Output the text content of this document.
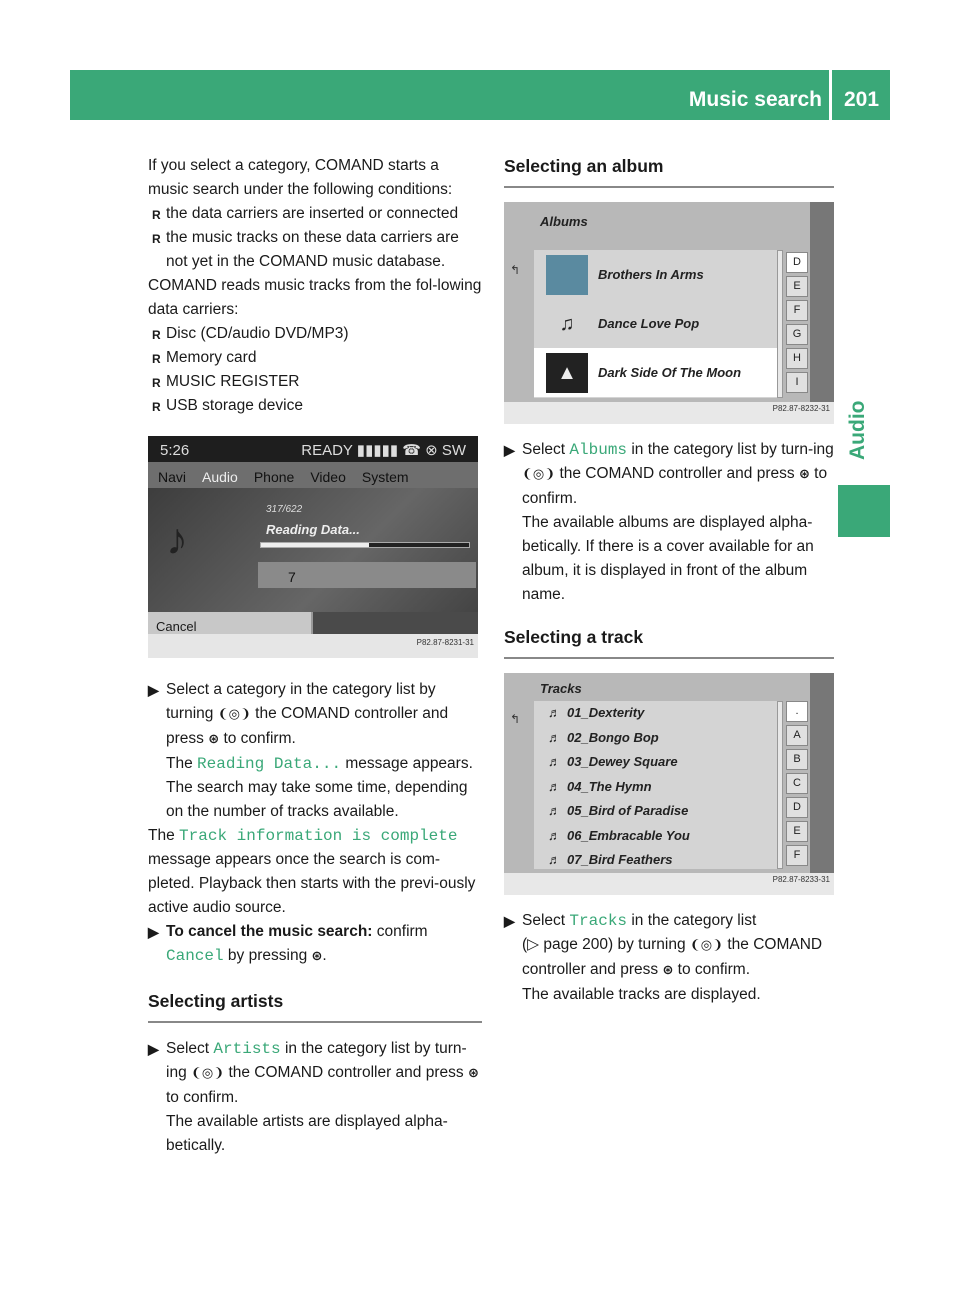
Music search 201
Audio

If you select a category, COMAND starts a music search under the following conditions:

R the data carriers are inserted or connected

R the music tracks on these data carriers are not yet in the COMAND music database.

COMAND reads music tracks from the fol-lowing data carriers:

R Disc (CD/audio DVD/MP3)

R Memory card

R MUSIC REGISTER

R USB storage device

5:26	READY ▮▮▮▮▮ ☎ ⊗ SW
Navi Audio Phone Video System
♪
317/622
Reading Data...
7
Cancel
P82.87-8231-31

▶ Select a category in the category list by turning ❨◎❩ the COMAND controller and press ⊛ to confirm.
The Reading Data... message appears. The search may take some time, depending on the number of tracks available.

The Track information is complete message appears once the search is com-pleted. Playback then starts with the previ-ously active audio source.

▶ To cancel the music search: confirm Cancel by pressing ⊛.

Selecting artists

▶ Select Artists in the category list by turn-ing ❨◎❩ the COMAND controller and press ⊛ to confirm.
The available artists are displayed alpha-betically.

Selecting an album
Albums
↰	Brothers In Arms
♫	Dance Love Pop
▲	Dark Side Of The Moon
D
E
F
G
H
I
P82.87-8232-31

▶ Select Albums in the category list by turn-ing ❨◎❩ the COMAND controller and press ⊛ to confirm.
The available albums are displayed alpha-betically. If there is a cover available for an album, it is displayed in front of the album name.

Selecting a track
Tracks
↰ ♬ 01_Dexterity
♬ 02_Bongo Bop
♬ 03_Dewey Square
♬ 04_The Hymn
♬ 05_Bird of Paradise
♬ 06_Embracable You
♬ 07_Bird Feathers
.
A
B
C
D
E
F
P82.87-8233-31

▶ Select Tracks in the category list
(▷ page 200) by turning ❨◎❩ the COMAND controller and press ⊛ to confirm.
The available tracks are displayed.
